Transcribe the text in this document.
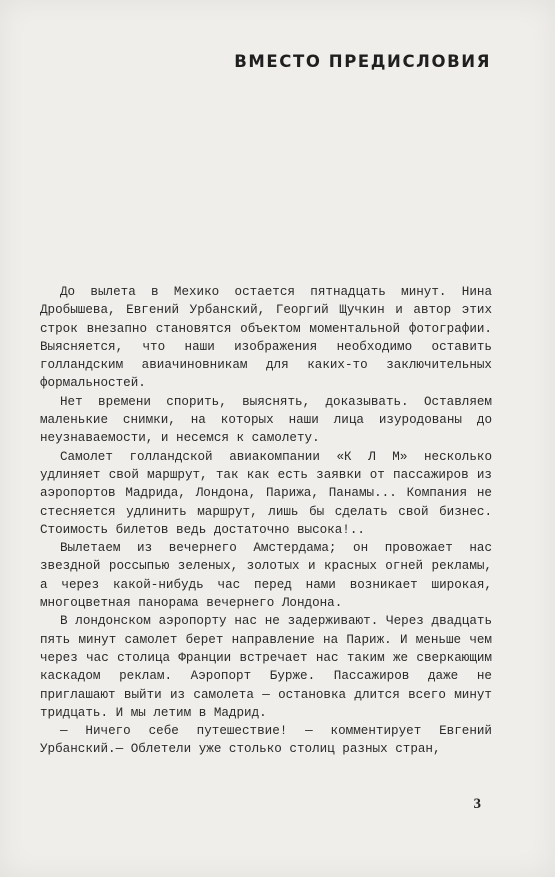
ВМЕСТО ПРЕДИСЛОВИЯ

До вылета в Мехико остается пятнадцать минут. Нина Дробышева, Евгений Урбанский, Георгий Щучкин и автор этих строк внезапно становятся объектом моментальной фотографии. Выясняется, что наши изображения необходимо оставить голландским авиачиновникам для каких-то заключительных формальностей.

Нет времени спорить, выяснять, доказывать. Оставляем маленькие снимки, на которых наши лица изуродованы до неузнаваемости, и несемся к самолету.

Самолет голландской авиакомпании «К Л М» несколько удлиняет свой маршрут, так как есть заявки от пассажиров из аэропортов Мадрида, Лондона, Парижа, Панамы... Компания не стесняется удлинить маршрут, лишь бы сделать свой бизнес. Стоимость билетов ведь достаточно высока!..

Вылетаем из вечернего Амстердама; он провожает нас звездной россыпью зеленых, золотых и красных огней рекламы, а через какой-нибудь час перед нами возникает широкая, многоцветная панорама вечернего Лондона.

В лондонском аэропорту нас не задерживают. Через двадцать пять минут самолет берет направление на Париж. И меньше чем через час столица Франции встречает нас таким же сверкающим каскадом реклам. Аэропорт Бурже. Пассажиров даже не приглашают выйти из самолета — остановка длится всего минут тридцать. И мы летим в Мадрид.

— Ничего себе путешествие! — комментирует Евгений Урбанский.— Облетели уже столько столиц разных стран,

3
